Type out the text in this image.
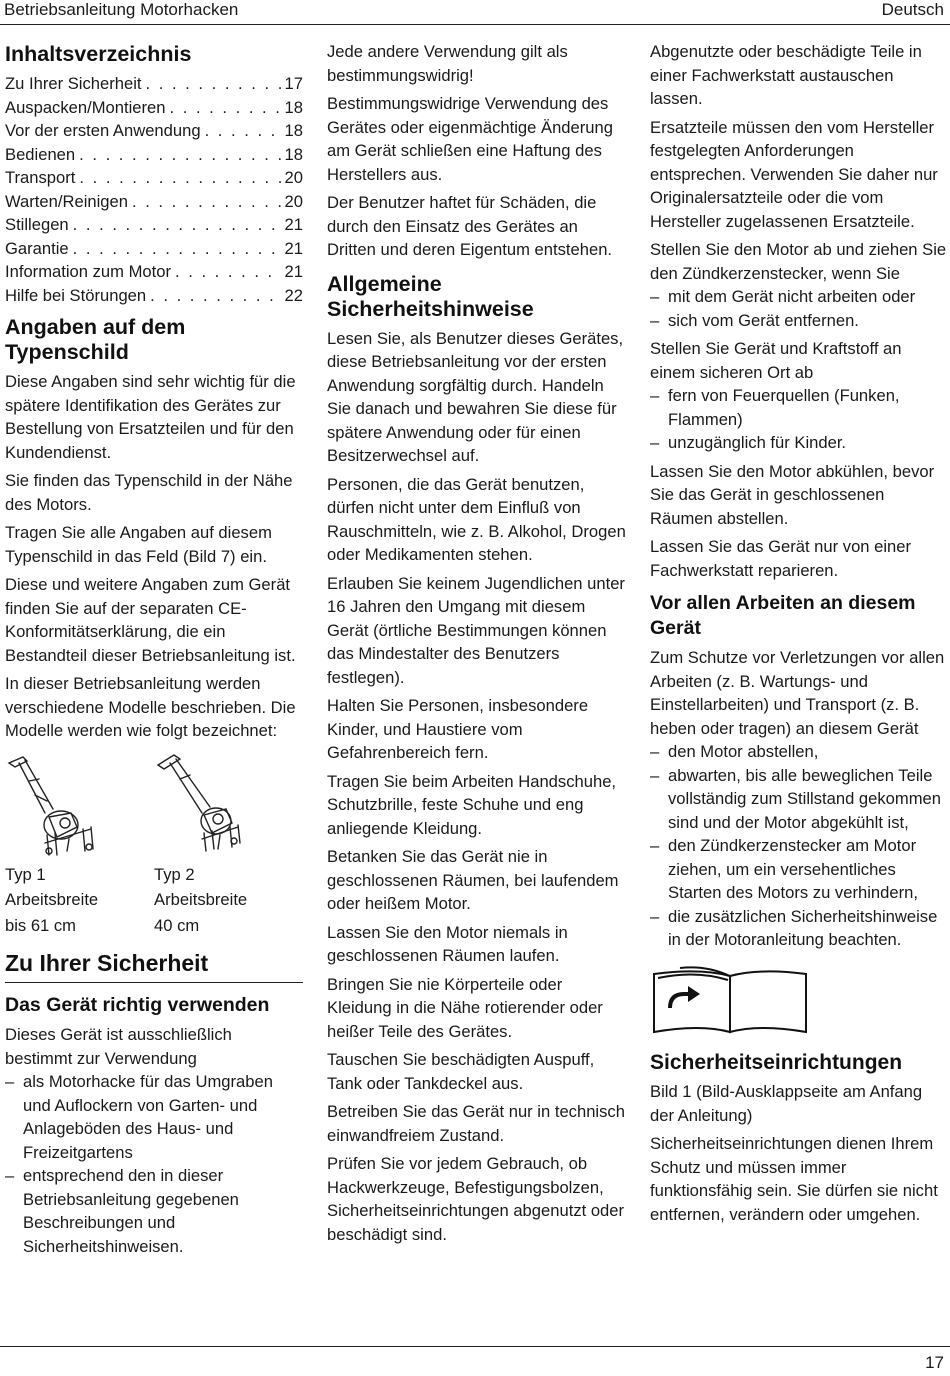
Betriebsanleitung Motorhacken	Deutsch
Inhaltsverzeichnis
Zu Ihrer Sicherheit . . .	17
Auspacken/Montieren . . .	18
Vor der ersten Anwendung . . .	18
Bedienen . . .	18
Transport . . .	20
Warten/Reinigen . . .	20
Stillegen . . .	21
Garantie . . .	21
Information zum Motor . . .	21
Hilfe bei Störungen . . .	22
Angaben auf dem Typenschild

Diese Angaben sind sehr wichtig für die spätere Identifikation des Gerätes zur Bestellung von Ersatzteilen und für den Kundendienst.

Sie finden das Typenschild in der Nähe des Motors.

Tragen Sie alle Angaben auf diesem Typenschild in das Feld (Bild 7) ein.

Diese und weitere Angaben zum Gerät finden Sie auf der separaten CE-Konformitätserklärung, die ein Bestandteil dieser Betriebsanleitung ist.

In dieser Betriebsanleitung werden verschiedene Modelle beschrieben. Die Modelle werden wie folgt bezeichnet:

Typ 1
Arbeitsbreite
bis 61 cm
Typ 2
Arbeitsbreite
40 cm
Zu Ihrer Sicherheit
Das Gerät richtig verwenden

Dieses Gerät ist ausschließlich bestimmt zur Verwendung

– als Motorhacke für das Umgraben und Auflockern von Garten- und Anlageböden des Haus- und Freizeitgartens
– entsprechend den in dieser Betriebsanleitung gegebenen Beschreibungen und Sicherheitshinweisen.

Jede andere Verwendung gilt als bestimmungswidrig!

Bestimmungswidrige Verwendung des Gerätes oder eigenmächtige Änderung am Gerät schließen eine Haftung des Herstellers aus.

Der Benutzer haftet für Schäden, die durch den Einsatz des Gerätes an Dritten und deren Eigentum entstehen.

Allgemeine Sicherheitshinweise

Lesen Sie, als Benutzer dieses Gerätes, diese Betriebsanleitung vor der ersten Anwendung sorgfältig durch. Handeln Sie danach und bewahren Sie diese für spätere Anwendung oder für einen Besitzerwechsel auf.

Personen, die das Gerät benutzen, dürfen nicht unter dem Einfluß von Rauschmitteln, wie z. B. Alkohol, Drogen oder Medikamenten stehen.

Erlauben Sie keinem Jugendlichen unter 16 Jahren den Umgang mit diesem Gerät (örtliche Bestimmungen können das Mindestalter des Benutzers festlegen).

Halten Sie Personen, insbesondere Kinder, und Haustiere vom Gefahrenbereich fern.

Tragen Sie beim Arbeiten Handschuhe, Schutzbrille, feste Schuhe und eng anliegende Kleidung.

Betanken Sie das Gerät nie in geschlossenen Räumen, bei laufendem oder heißem Motor.

Lassen Sie den Motor niemals in geschlossenen Räumen laufen.

Bringen Sie nie Körperteile oder Kleidung in die Nähe rotierender oder heißer Teile des Gerätes.

Tauschen Sie beschädigten Auspuff, Tank oder Tankdeckel aus.

Betreiben Sie das Gerät nur in technisch einwandfreiem Zustand.

Prüfen Sie vor jedem Gebrauch, ob Hackwerkzeuge, Befestigungsbolzen, Sicherheitseinrichtungen abgenutzt oder beschädigt sind.

Abgenutzte oder beschädigte Teile in einer Fachwerkstatt austauschen lassen.

Ersatzteile müssen den vom Hersteller festgelegten Anforderungen entsprechen. Verwenden Sie daher nur Originalersatzteile oder die vom Hersteller zugelassenen Ersatzteile.

Stellen Sie den Motor ab und ziehen Sie den Zündkerzenstecker, wenn Sie

– mit dem Gerät nicht arbeiten oder
– sich vom Gerät entfernen.

Stellen Sie Gerät und Kraftstoff an einem sicheren Ort ab

– fern von Feuerquellen (Funken, Flammen)
– unzugänglich für Kinder.

Lassen Sie den Motor abkühlen, bevor Sie das Gerät in geschlossenen Räumen abstellen.

Lassen Sie das Gerät nur von einer Fachwerkstatt reparieren.

Vor allen Arbeiten an diesem Gerät

Zum Schutze vor Verletzungen vor allen Arbeiten (z. B. Wartungs- und Einstellarbeiten) und Transport (z. B. heben oder tragen) an diesem Gerät

– den Motor abstellen,
– abwarten, bis alle beweglichen Teile vollständig zum Stillstand gekommen sind und der Motor abgekühlt ist,
– den Zündkerzenstecker am Motor ziehen, um ein versehentliches Starten des Motors zu verhindern,
– die zusätzlichen Sicherheitshinweise in der Motoranleitung beachten.
Sicherheitseinrichtungen

Bild 1 (Bild-Ausklappseite am Anfang der Anleitung)

Sicherheitseinrichtungen dienen Ihrem Schutz und müssen immer funktionsfähig sein. Sie dürfen sie nicht entfernen, verändern oder umgehen.

17
